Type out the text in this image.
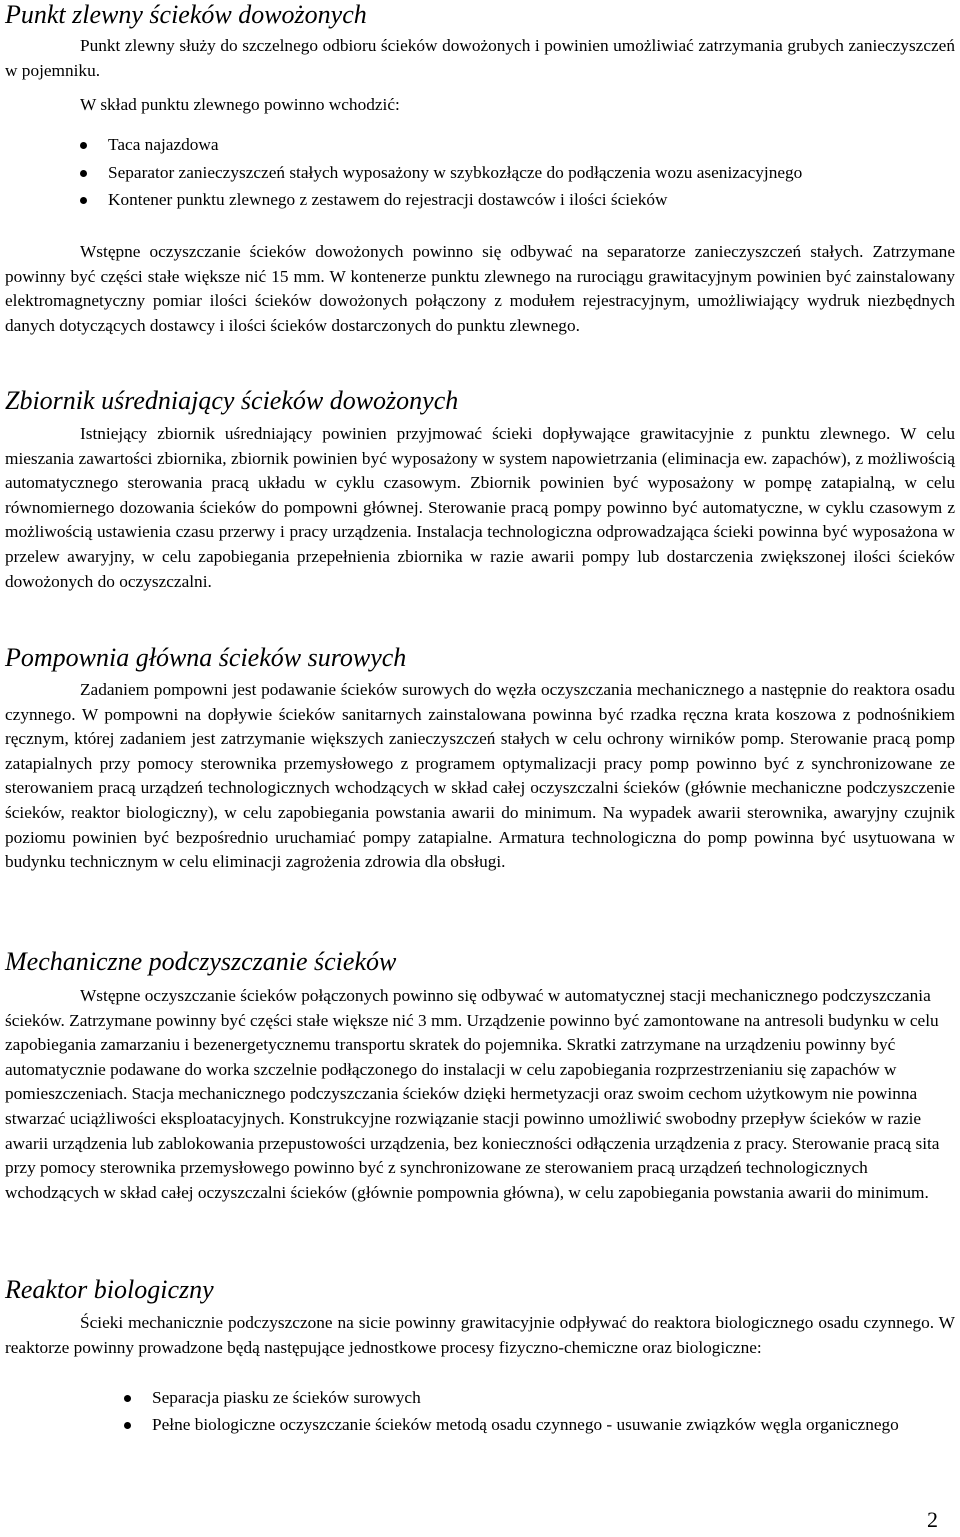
Punkt zlewny ścieków dowożonych

Punkt zlewny służy do szczelnego odbioru ścieków dowożonych i powinien umożliwiać zatrzymania grubych zanieczyszczeń w pojemniku.

W skład punktu zlewnego powinno wchodzić:

Taca najazdowa
Separator zanieczyszczeń stałych wyposażony w szybkozłącze do podłączenia wozu asenizacyjnego
Kontener punktu zlewnego z zestawem do rejestracji dostawców i ilości ścieków

Wstępne oczyszczanie ścieków dowożonych powinno się odbywać na separatorze zanieczyszczeń stałych. Zatrzymane powinny być części stałe większe nić 15 mm. W kontenerze punktu zlewnego na rurociągu grawitacyjnym powinien być zainstalowany elektromagnetyczny pomiar ilości ścieków dowożonych połączony z modułem rejestracyjnym, umożliwiający wydruk niezbędnych danych dotyczących dostawcy i ilości ścieków dostarczonych do punktu zlewnego.

Zbiornik uśredniający ścieków dowożonych

Istniejący zbiornik uśredniający powinien przyjmować ścieki dopływające grawitacyjnie z punktu zlewnego. W celu mieszania zawartości zbiornika, zbiornik powinien być wyposażony w system napowietrzania (eliminacja ew. zapachów), z możliwością automatycznego sterowania pracą układu w cyklu czasowym. Zbiornik powinien być wyposażony w pompę zatapialną, w celu równomiernego dozowania ścieków do pompowni głównej. Sterowanie pracą pompy powinno być automatyczne, w cyklu czasowym z możliwością ustawienia czasu przerwy i pracy urządzenia. Instalacja technologiczna odprowadzająca ścieki powinna być wyposażona w przelew awaryjny, w celu zapobiegania przepełnienia zbiornika w razie awarii pompy lub dostarczenia zwiększonej ilości ścieków dowożonych do oczyszczalni.

Pompownia główna ścieków surowych

Zadaniem pompowni jest podawanie ścieków surowych do węzła oczyszczania mechanicznego a następnie do reaktora osadu czynnego. W pompowni na dopływie ścieków sanitarnych zainstalowana powinna być rzadka ręczna krata koszowa z podnośnikiem ręcznym, której zadaniem jest zatrzymanie większych zanieczyszczeń stałych w celu ochrony wirników pomp. Sterowanie pracą pomp zatapialnych przy pomocy sterownika przemysłowego z programem optymalizacji pracy pomp powinno być z synchronizowane ze sterowaniem pracą urządzeń technologicznych wchodzących w skład całej oczyszczalni ścieków (głównie mechaniczne podczyszczenie ścieków, reaktor biologiczny), w celu zapobiegania powstania awarii do minimum. Na wypadek awarii sterownika, awaryjny czujnik poziomu powinien być bezpośrednio uruchamiać pompy zatapialne. Armatura technologiczna do pomp powinna być usytuowana w budynku technicznym w celu eliminacji zagrożenia zdrowia dla obsługi.

Mechaniczne podczyszczanie ścieków

Wstępne oczyszczanie ścieków połączonych powinno się odbywać w automatycznej stacji mechanicznego podczyszczania ścieków. Zatrzymane powinny być części stałe większe nić 3 mm. Urządzenie powinno być zamontowane na antresoli budynku w celu zapobiegania zamarzaniu i bezenergetycznemu transportu skratek do pojemnika. Skratki zatrzymane na urządzeniu powinny być automatycznie podawane do worka szczelnie podłączonego do instalacji w celu zapobiegania rozprzestrzenianiu się zapachów w pomieszczeniach. Stacja mechanicznego podczyszczania ścieków dzięki hermetyzacji oraz swoim cechom użytkowym nie powinna stwarzać uciążliwości eksploatacyjnych. Konstrukcyjne rozwiązanie stacji powinno umożliwić swobodny przepływ ścieków w razie awarii urządzenia lub zablokowania przepustowości urządzenia, bez konieczności odłączenia urządzenia z pracy. Sterowanie pracą sita przy pomocy sterownika przemysłowego powinno być z synchronizowane ze sterowaniem pracą urządzeń technologicznych wchodzących w skład całej oczyszczalni ścieków (głównie pompownia główna), w celu zapobiegania powstania awarii do minimum.

Reaktor biologiczny

Ścieki mechanicznie podczyszczone na sicie powinny grawitacyjnie odpływać do reaktora biologicznego osadu czynnego. W reaktorze powinny prowadzone będą następujące jednostkowe procesy fizyczno-chemiczne oraz biologiczne:

Separacja piasku ze ścieków surowych
Pełne biologiczne oczyszczanie ścieków metodą osadu czynnego - usuwanie związków węgla organicznego

2
